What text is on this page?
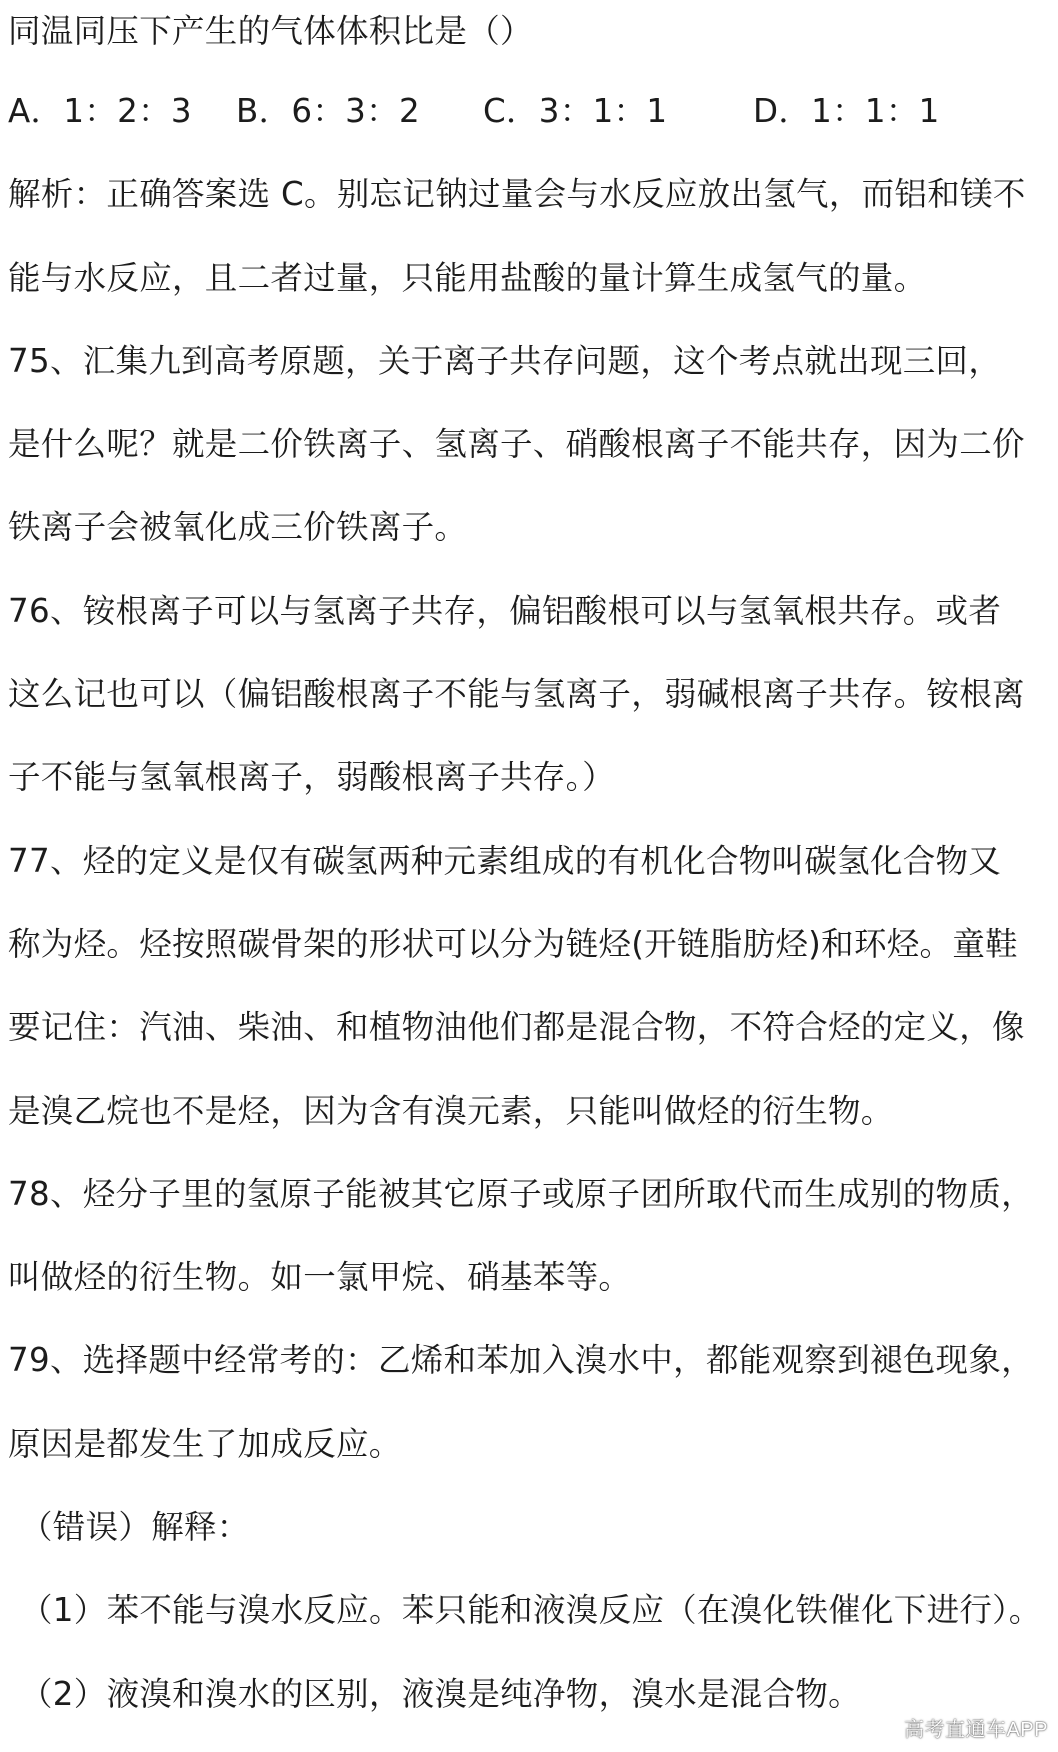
同温同压下产生的气体体积比是（）
A．1：2：3	B．6：3：2	C．3：1：1	D．1：1：1
解析：正确答案选 C。别忘记钠过量会与水反应放出氢气，而铝和镁不
能与水反应，且二者过量，只能用盐酸的量计算生成氢气的量。
75、汇集九到高考原题，关于离子共存问题，这个考点就出现三回，
是什么呢？就是二价铁离子、氢离子、硝酸根离子不能共存，因为二价
铁离子会被氧化成三价铁离子。
76、铵根离子可以与氢离子共存，偏铝酸根可以与氢氧根共存。或者
这么记也可以（偏铝酸根离子不能与氢离子，弱碱根离子共存。铵根离
子不能与氢氧根离子，弱酸根离子共存。）
77、烃的定义是仅有碳氢两种元素组成的有机化合物叫碳氢化合物又
称为烃。烃按照碳骨架的形状可以分为链烃(开链脂肪烃)和环烃。童鞋
要记住：汽油、柴油、和植物油他们都是混合物，不符合烃的定义，像
是溴乙烷也不是烃，因为含有溴元素，只能叫做烃的衍生物。
78、烃分子里的氢原子能被其它原子或原子团所取代而生成别的物质，
叫做烃的衍生物。如一氯甲烷、硝基苯等。
79、选择题中经常考的：乙烯和苯加入溴水中，都能观察到褪色现象，
原因是都发生了加成反应。
（错误）解释：
（1）苯不能与溴水反应。苯只能和液溴反应（在溴化铁催化下进行）。
（2）液溴和溴水的区别，液溴是纯净物，溴水是混合物。
高考直通车APP
